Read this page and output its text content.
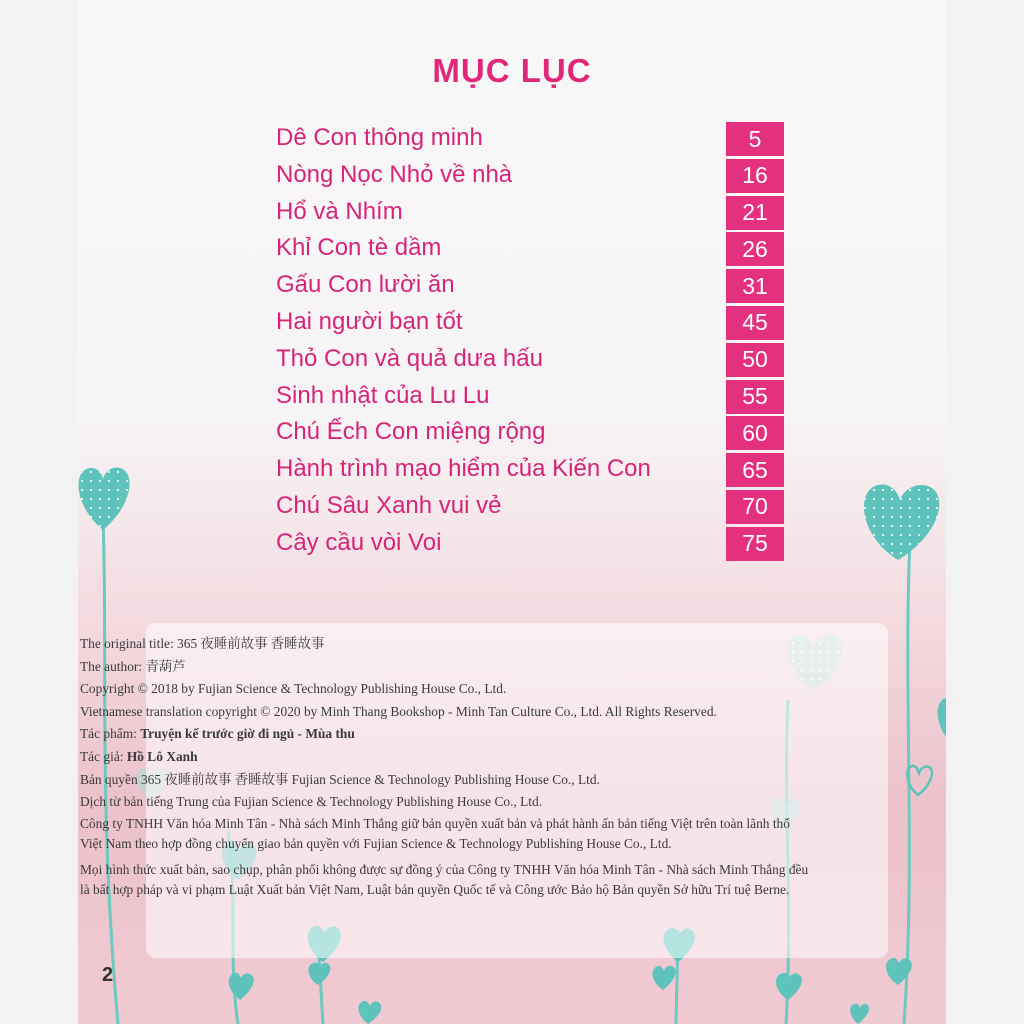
MỤC LỤC
Dê Con thông minh	5
Nòng Nọc Nhỏ về nhà	16
Hổ và Nhím	21
Khỉ Con tè dầm	26
Gấu Con lười ăn	31
Hai người bạn tốt	45
Thỏ Con và quả dưa hấu	50
Sinh nhật của Lu Lu	55
Chú Ếch Con miệng rộng	60
Hành trình mạo hiểm của Kiến Con	65
Chú Sâu Xanh vui vẻ	70
Cây cầu vòi Voi	75
2

The original title: 365 夜睡前故事 香睡故事

The author: 青葫芦

Copyright © 2018 by Fujian Science & Technology Publishing House Co., Ltd.

Vietnamese translation copyright © 2020 by Minh Thang Bookshop - Minh Tan Culture Co., Ltd. All Rights Reserved.

Tác phẩm: Truyện kể trước giờ đi ngủ - Mùa thu

Tác giả: Hồ Lô Xanh

Bản quyền 365 夜睡前故事 香睡故事 Fujian Science & Technology Publishing House Co., Ltd.

Dịch từ bản tiếng Trung của Fujian Science & Technology Publishing House Co., Ltd.

Công ty TNHH Văn hóa Minh Tân - Nhà sách Minh Thắng giữ bản quyền xuất bản và phát hành ấn bản tiếng Việt trên toàn lãnh thổ Việt Nam theo hợp đồng chuyển giao bản quyền với Fujian Science & Technology Publishing House Co., Ltd.

Mọi hình thức xuất bản, sao chụp, phân phối không được sự đồng ý của Công ty TNHH Văn hóa Minh Tân - Nhà sách Minh Thắng đều là bất hợp pháp và vi phạm Luật Xuất bản Việt Nam, Luật bản quyền Quốc tế và Công ước Bảo hộ Bản quyền Sở hữu Trí tuệ Berne.
